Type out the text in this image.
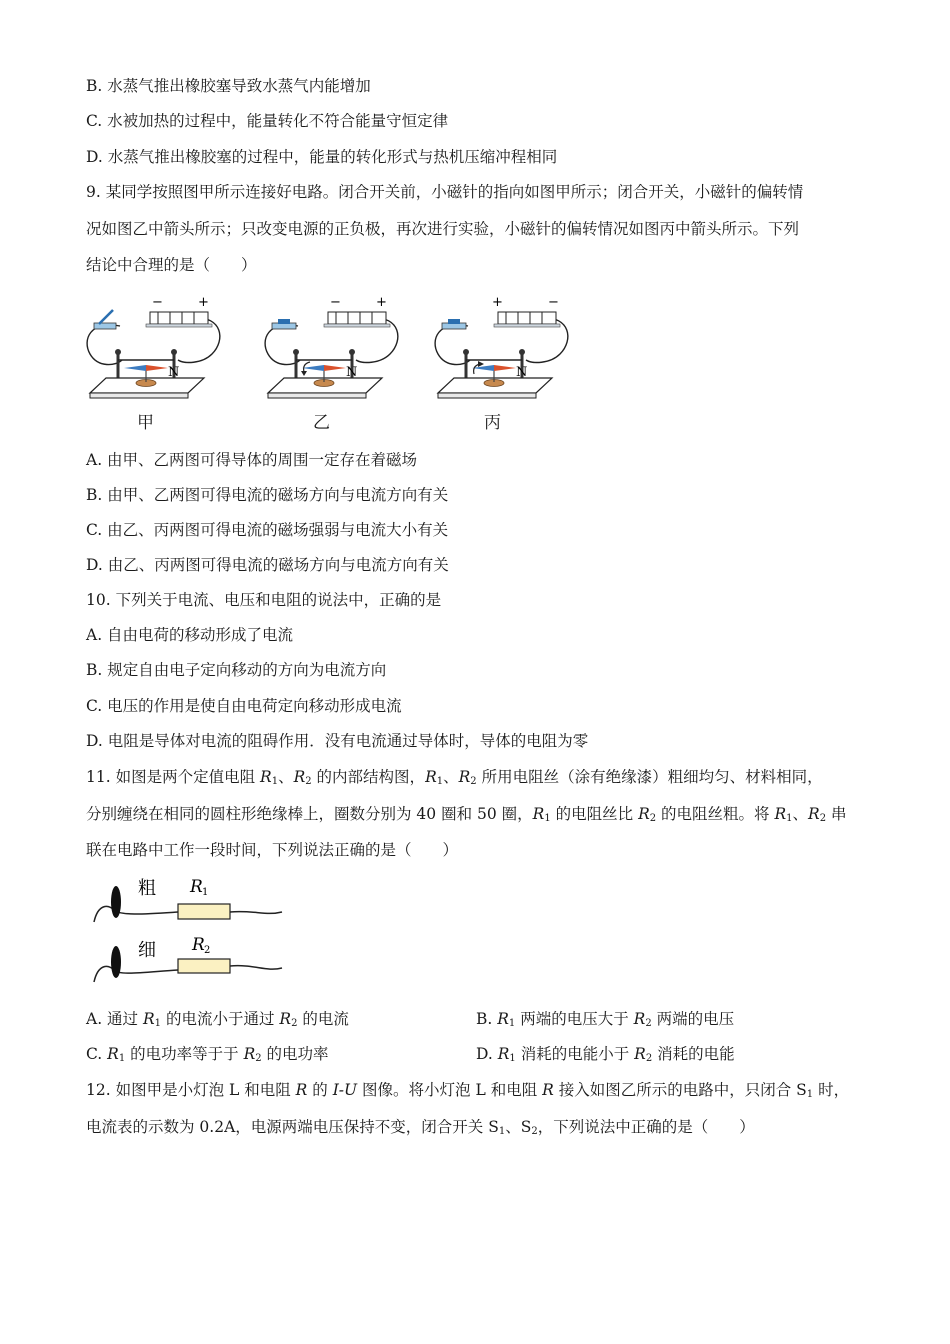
B. 水蒸气推出橡胶塞导致水蒸气内能增加
C. 水被加热的过程中，能量转化不符合能量守恒定律
D. 水蒸气推出橡胶塞的过程中，能量的转化形式与热机压缩冲程相同
9. 某同学按照图甲所示连接好电路。闭合开关前，小磁针的指向如图甲所示；闭合开关，小磁针的偏转情
况如图乙中箭头所示；只改变电源的正负极，再次进行实验，小磁针的偏转情况如图丙中箭头所示。下列
结论中合理的是（　　）
−	+
N
甲
−	+
N
乙
+	−
N
丙
A. 由甲、乙两图可得导体的周围一定存在着磁场
B. 由甲、乙两图可得电流的磁场方向与电流方向有关
C. 由乙、丙两图可得电流的磁场强弱与电流大小有关
D. 由乙、丙两图可得电流的磁场方向与电流方向有关
10. 下列关于电流、电压和电阻的说法中，正确的是
A. 自由电荷的移动形成了电流
B. 规定自由电子定向移动的方向为电流方向
C. 电压的作用是使自由电荷定向移动形成电流
D. 电阻是导体对电流的阻碍作用．没有电流通过导体时，导体的电阻为零
11. 如图是两个定值电阻 $R_1$、$R_2$ 的内部结构图，$R_1$、$R_2$ 所用电阻丝（涂有绝缘漆）粗细均匀、材料相同，
分别缠绕在相同的圆柱形绝缘棒上，圈数分别为 40 圈和 50 圈，$R_1$ 的电阻丝比 $R_2$ 的电阻丝粗。将 $R_1$、$R_2$ 串
联在电路中工作一段时间，下列说法正确的是（　　）
粗 R 1
细 R 2
A. 通过 $R_1$ 的电流小于通过 $R_2$ 的电流	B. $R_1$ 两端的电压大于 $R_2$ 两端的电压
C. $R_1$ 的电功率等于于 $R_2$ 的电功率	D. $R_1$ 消耗的电能小于 $R_2$ 消耗的电能
12. 如图甲是小灯泡 L 和电阻 R 的 I-U 图像。将小灯泡 L 和电阻 R 接入如图乙所示的电路中，只闭合 $S_1$ 时，
电流表的示数为 0.2A，电源两端电压保持不变，闭合开关 $S_1$、$S_2$，下列说法中正确的是（　　）
